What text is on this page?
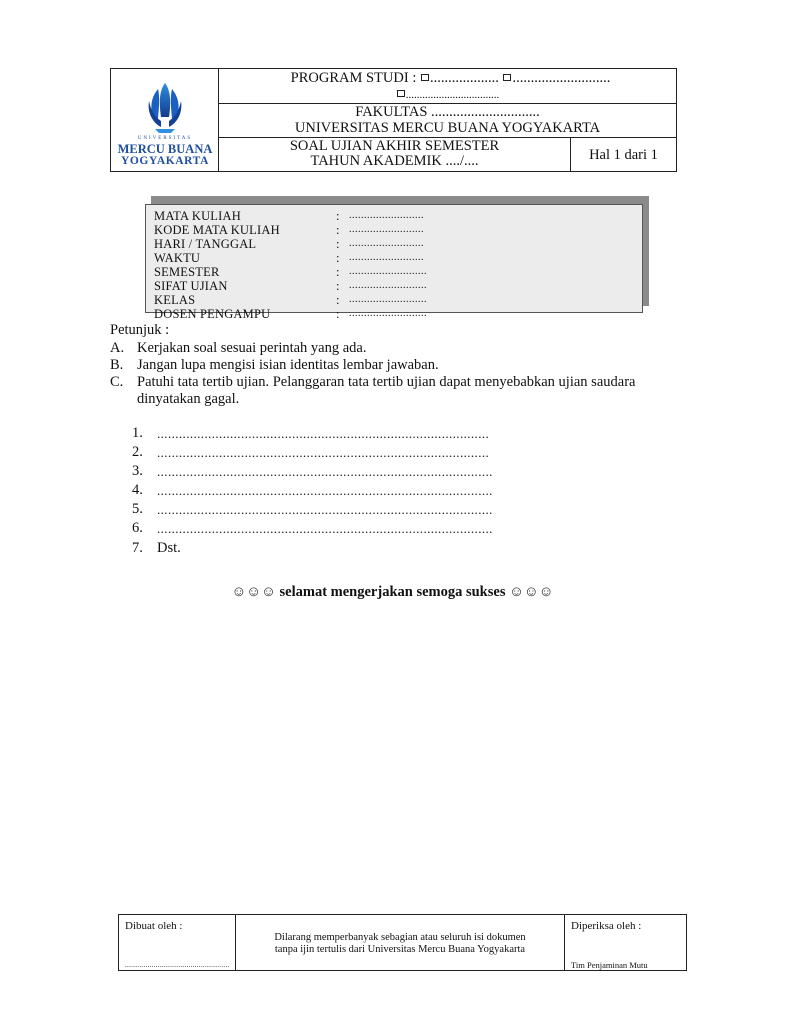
UNIVERSITAS
MERCU BUANA
YOGYAKARTA
PROGRAM STUDI : ................... ...........................
..................................
FAKULTAS ..............................
UNIVERSITAS MERCU BUANA YOGYAKARTA
SOAL UJIAN AKHIR SEMESTER
TAHUN AKADEMIK ..../....	Hal 1 dari 1
MATA KULIAH	: .........................
KODE MATA KULIAH	: .........................
HARI / TANGGAL	: .........................
WAKTU	: .........................
SEMESTER	: ..........................
SIFAT UJIAN	: ..........................
KELAS	: ..........................
DOSEN PENGAMPU	: ..........................
Petunjuk :
A. Kerjakan soal sesuai perintah yang ada.
B. Jangan lupa mengisi isian identitas lembar jawaban.
C. Patuhi tata tertib ujian. Pelanggaran tata tertib ujian dapat menyebabkan ujian saudara
dinyatakan gagal.
1. ...........................................................................................
2. ...........................................................................................
3. ............................................................................................
4. ............................................................................................
5. ............................................................................................
6. ............................................................................................
7. Dst.
☺☺☺ selamat mengerjakan semoga sukses ☺☺☺
Dibuat oleh :
...................................................
Dilarang memperbanyak sebagian atau seluruh isi dokumen
tanpa ijin tertulis dari Universitas Mercu Buana Yogyakarta
Diperiksa oleh :
Tim Penjaminan Mutu
